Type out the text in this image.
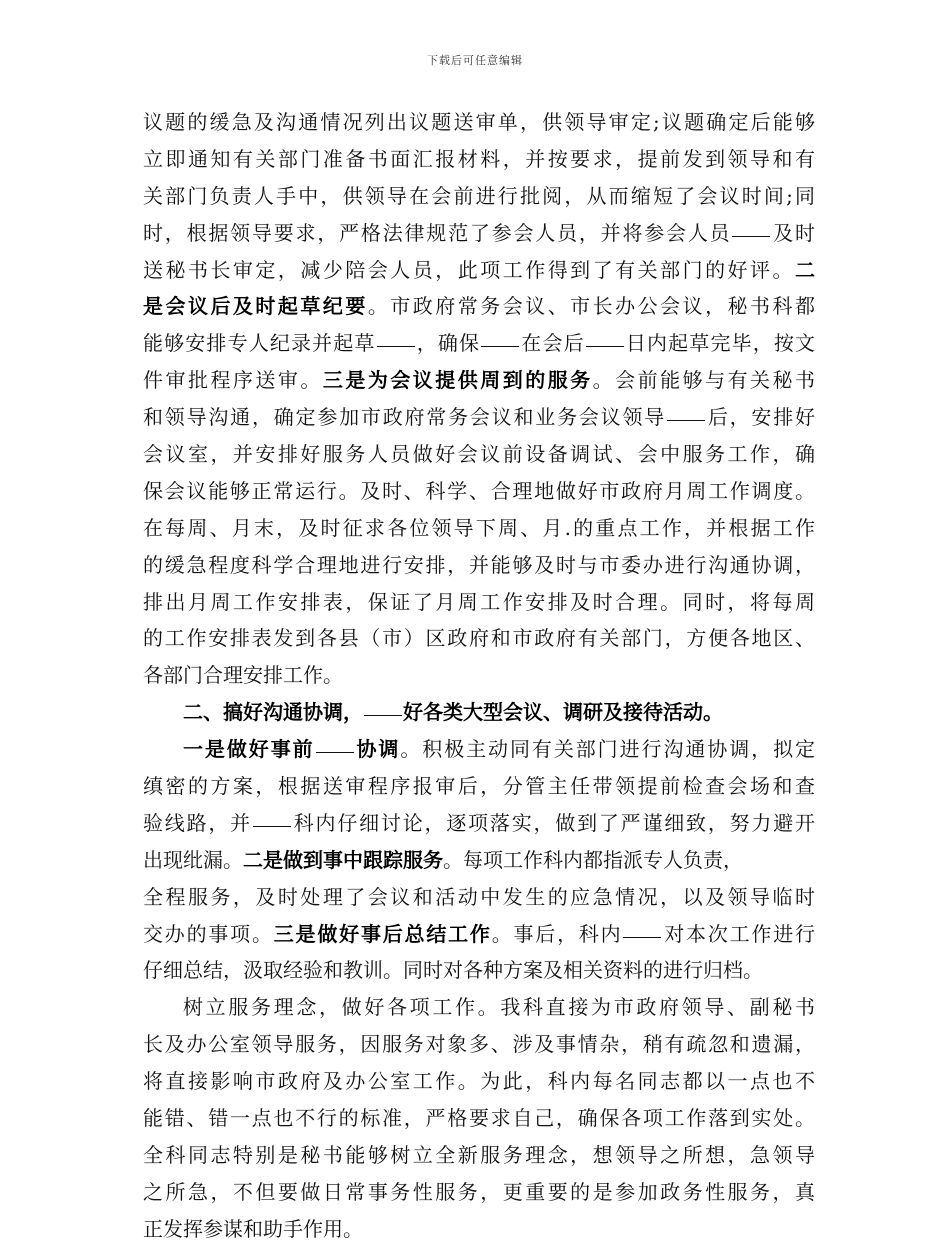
下载后可任意编辑
议题的缓急及沟通情况列出议题送审单，供领导审定;议题确定后能够
立即通知有关部门准备书面汇报材料，并按要求，提前发到领导和有
关部门负责人手中，供领导在会前进行批阅，从而缩短了会议时间;同
时，根据领导要求，严格法律规范了参会人员，并将参会人员 及时
送秘书长审定，减少陪会人员，此项工作得到了有关部门的好评。二
是会议后及时起草纪要。市政府常务会议、市长办公会议，秘书科都
能够安排专人纪录并起草 ，确保 在会后 日内起草完毕，按文
件审批程序送审。三是为会议提供周到的服务。会前能够与有关秘书
和领导沟通，确定参加市政府常务会议和业务会议领导 后，安排好
会议室，并安排好服务人员做好会议前设备调试、会中服务工作，确
保会议能够正常运行。及时、科学、合理地做好市政府月周工作调度。
在每周、月末，及时征求各位领导下周、月.的重点工作，并根据工作
的缓急程度科学合理地进行安排，并能够及时与市委办进行沟通协调，
排出月周工作安排表，保证了月周工作安排及时合理。同时，将每周
的工作安排表发到各县（市）区政府和市政府有关部门，方便各地区、
各部门合理安排工作。
二、搞好沟通协调， 好各类大型会议、调研及接待活动。
一是做好事前 协调。积极主动同有关部门进行沟通协调，拟定
缜密的方案，根据送审程序报审后，分管主任带领提前检查会场和查
验线路，并 科内仔细讨论，逐项落实，做到了严谨细致，努力避开
出现纰漏。二是做到事中跟踪服务。每项工作科内都指派专人负责，
全程服务，及时处理了会议和活动中发生的应急情况，以及领导临时
交办的事项。三是做好事后总结工作。事后，科内 对本次工作进行
仔细总结，汲取经验和教训。同时对各种方案及相关资料的进行归档。
树立服务理念，做好各项工作。我科直接为市政府领导、副秘书
长及办公室领导服务，因服务对象多、涉及事情杂，稍有疏忽和遗漏，
将直接影响市政府及办公室工作。为此，科内每名同志都以一点也不
能错、错一点也不行的标准，严格要求自己，确保各项工作落到实处。
全科同志特别是秘书能够树立全新服务理念，想领导之所想，急领导
之所急，不但要做日常事务性服务，更重要的是参加政务性服务，真
正发挥参谋和助手作用。
